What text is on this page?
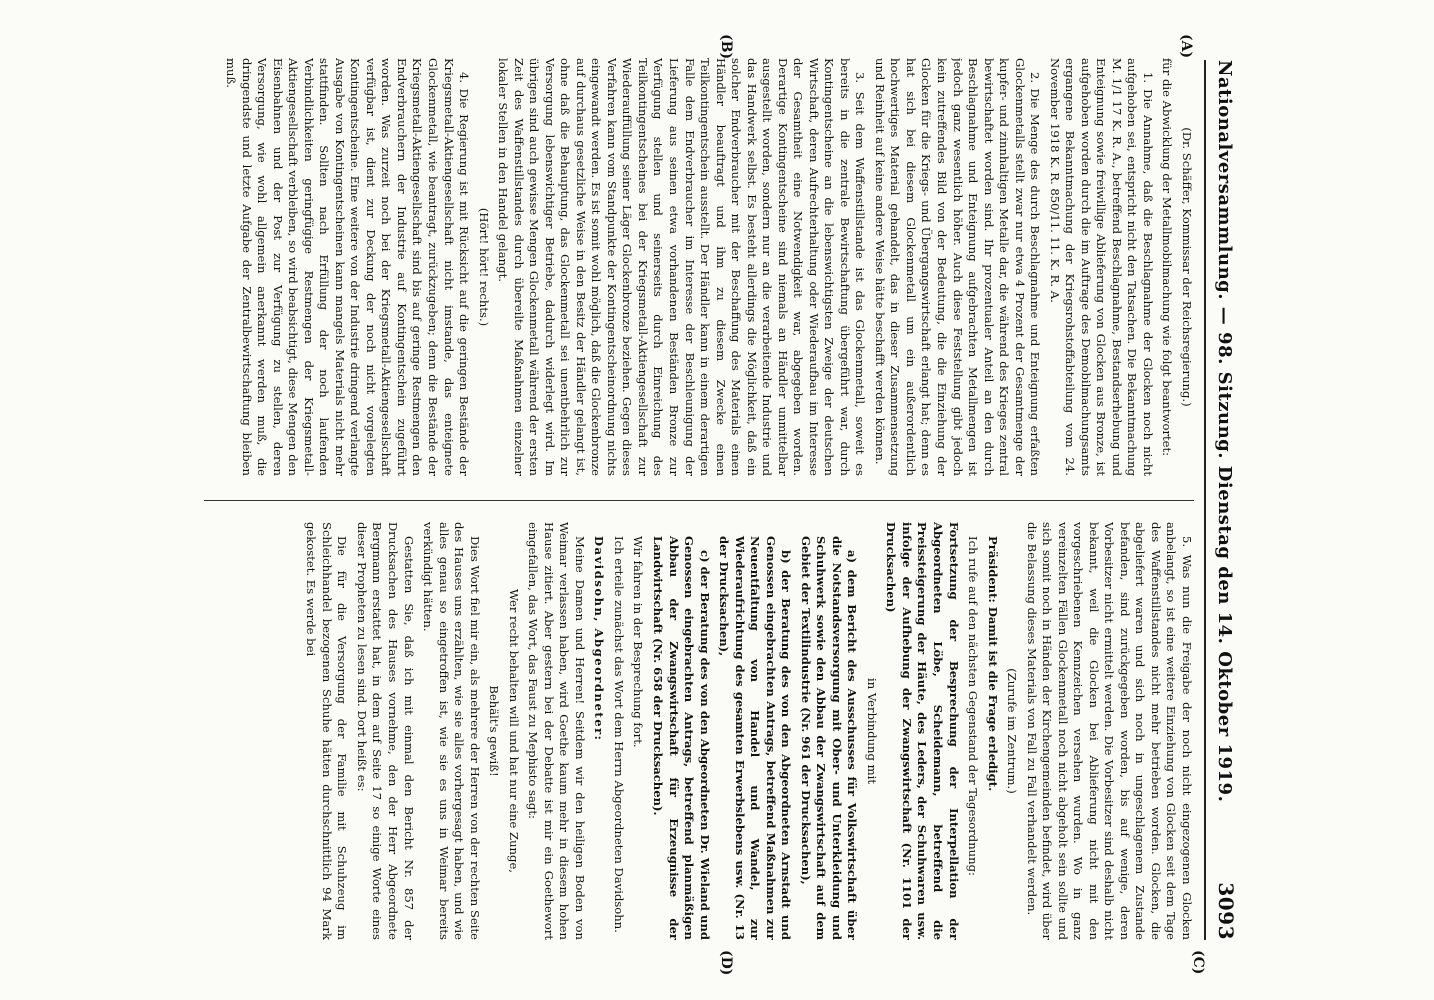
Nationalversammlung. — 98. Sitzung. Dienstag den 14. Oktober 1919.
3093
(A)
(B)
(C)
(D)

(Dr. Schäffer, Kommissar der Reichsregierung.)

für die Abwicklung der Metallmobilmachung wie folgt beantwortet:

1. Die Annahme, daß die Beschlagnahme der Glocken noch nicht aufgehoben sei, entspricht nicht den Tatsachen. Die Bekanntmachung M. 1/1 17 K. R. A., betreffend Beschlagnahme, Bestandserhebung und Enteignung sowie freiwillige Ablieferung von Glocken aus Bronze, ist aufgehoben worden durch die im Auftrage des Demobilmachungsamts ergangene Bekanntmachung der Kriegsrohstoffabteilung vom 24. November 1918 K. R. 850/11. 11. K. R. A.

2. Die Menge des durch Beschlagnahme und Enteignung erfaßten Glockenmetalls stellt zwar nur etwa 4 Prozent der Gesamtmenge der kupfer- und zinnhaltigen Metalle dar, die während des Krieges zentral bewirtschaftet worden sind. Ihr prozentualer Anteil an den durch Beschlagnahme und Enteignung aufgebrachten Metallmengen ist jedoch ganz wesentlich höher. Auch diese Feststellung gibt jedoch kein zutreffendes Bild von der Bedeutung, die die Einziehung der Glocken für die Kriegs- und Übergangswirtschaft erlangt hat; denn es hat sich bei diesem Glockenmetall um ein außerordentlich hochwertiges Material gehandelt, das in dieser Zusammensetzung und Reinheit auf keine andere Weise hätte beschafft werden können.

3. Seit dem Waffenstillstande ist das Glockenmetall, soweit es bereits in die zentrale Bewirtschaftung übergeführt war, durch Kontingentscheine an die lebenswichtigsten Zweige der deutschen Wirtschaft, deren Aufrechterhaltung oder Wiederaufbau im Interesse der Gesamtheit eine Notwendigkeit war, abgegeben worden. Derartige Kontingentscheine sind niemals an Händler unmittelbar ausgestellt worden, sondern nur an die verarbeitende Industrie und das Handwerk selbst. Es besteht allerdings die Möglichkeit, daß ein solcher Endverbraucher mit der Beschaffung des Materials einen Händler beauftragt und ihm zu diesem Zwecke einen Teilkontingentschein ausstellt. Der Händler kann in einem derartigen Falle dem Endverbraucher im Interesse der Beschleunigung der Lieferung aus seinen etwa vorhandenen Beständen Bronze zur Verfügung stellen und seinerseits durch Einreichung des Teilkontingentscheines bei der Kriegsmetall-Aktiengesellschaft zur Wiederauffüllung seiner Läger Glockenbronze beziehen. Gegen dieses Verfahren kann vom Standpunkte der Kontingentscheinordnung nichts eingewandt werden. Es ist somit wohl möglich, daß die Glockenbronze auf durchaus gesetzliche Weise in den Besitz der Händler gelangt ist, ohne daß die Behauptung, das Glockenmetall sei unentbehrlich zur Versorgung lebenswichtiger Betriebe, dadurch widerlegt wird. Im übrigen sind auch gewisse Mengen Glockenmetall während der ersten Zeit des Waffenstillstandes durch übereilte Maßnahmen einzelner lokaler Stellen in den Handel gelangt.

(Hört! hört! rechts.)

4. Die Regierung ist mit Rücksicht auf die geringen Bestände der Kriegsmetall-Aktiengesellschaft nicht imstande, das enteignete Glockenmetall, wie beantragt, zurückzugeben; denn die Bestände der Kriegsmetall-Aktiengesellschaft sind bis auf geringe Restmengen den Endverbrauchern der Industrie auf Kontingentschein zugeführt worden. Was zurzeit noch bei der Kriegsmetall-Aktiengesellschaft verfügbar ist, dient zur Deckung der noch nicht vorgelegten Kontingentscheine. Eine weitere von der Industrie dringend verlangte Ausgabe von Kontingentscheinen kann mangels Materials nicht mehr stattfinden. Sollten nach Erfüllung der noch laufenden Verbindlichkeiten geringfügige Restmengen der Kriegsmetall-Aktiengesellschaft verbleiben, so wird beabsichtigt, diese Mengen den Eisenbahnen und der Post zur Verfügung zu stellen, deren Versorgung, wie wohl allgemein anerkannt werden muß, die dringendste und letzte Aufgabe der Zentralbewirtschaftung bleiben muß.

5. Was nun die Freigabe der noch nicht eingezogenen Glocken anbelangt, so ist eine weitere Einziehung von Glocken seit dem Tage des Waffenstillstandes nicht mehr betrieben worden. Glocken, die abgeliefert waren und sich noch in ungeschlagenem Zustande befanden, sind zurückgegeben worden, bis auf wenige, deren Vorbesitzer nicht ermittelt werden. Die Vorbesitzer sind deshalb nicht bekannt, weil die Glocken bei Ablieferung nicht mit den vorgeschriebenen Kennzeichen versehen wurden. Wo in ganz vereinzelten Fällen Glockenmetall noch nicht abgeholt sein sollte und sich somit noch in Händen der Kirchengemeinden befindet, wird über die Belassung dieses Materials von Fall zu Fall verhandelt werden.

(Zurufe im Zentrum.)

Präsident: Damit ist die Frage erledigt.

Ich rufe auf den nächsten Gegenstand der Tagesordnung:

Fortsetzung der Besprechung der Interpellation der Abgeordneten Löbe, Scheidemann, betreffend die Preissteigerung der Häute, des Leders, der Schuhwaren usw. infolge der Aufhebung der Zwangswirtschaft (Nr. 1101 der Drucksachen)

in Verbindung mit

a) dem Bericht des Ausschusses für Volkswirtschaft über die Notstandsversorgung mit Ober- und Unterkleidung und Schuhwerk sowie den Abbau der Zwangswirtschaft auf dem Gebiet der Textilindustrie (Nr. 961 der Drucksachen),

b) der Beratung des von den Abgeordneten Arnstadt und Genossen eingebrachten Antrags, betreffend Maßnahmen zur Neuentfaltung von Handel und Wandel, zur Wiederaufrichtung des gesamten Erwerbslebens usw. (Nr. 13 der Drucksachen),

c) der Beratung des von den Abgeordneten Dr. Wieland und Genossen eingebrachten Antrags, betreffend planmäßigen Abbau der Zwangswirtschaft für Erzeugnisse der Landwirtschaft (Nr. 658 der Drucksachen).

Wir fahren in der Besprechung fort.

Ich erteile zunächst das Wort dem Herrn Abgeordneten Davidsohn.

Davidsohn, Abgeordneter:

Meine Damen und Herren! Seitdem wir den heiligen Boden von Weimar verlassen haben, wird Goethe kaum mehr in diesem hohen Hause zitiert. Aber gestern bei der Debatte ist mir ein Goethewort eingefallen, das Wort, das Faust zu Mephisto sagt:

Wer recht behalten will und hat nur eine Zunge,

Behält's gewiß!

Dies Wort fiel mir ein, als mehrere der Herren von der rechten Seite des Hauses uns erzählten, wie sie alles vorhergesagt haben, und wie alles genau so eingetroffen ist, wie sie es uns in Weimar bereits verkündigt hätten.

Gestatten Sie, daß ich mit einmal den Bericht Nr. 857 der Drucksachen des Hauses vornehme, den der Herr Abgeordnete Bergmann erstattet hat, in dem auf Seite 17 so einige Worte eines dieser Propheten zu lesen sind. Dort heißt es:

Die für die Versorgung der Familie mit Schuhzeug im Schleichhandel bezogenen Schuhe hätten durchschnittlich 94 Mark gekostet. Es werde bei
